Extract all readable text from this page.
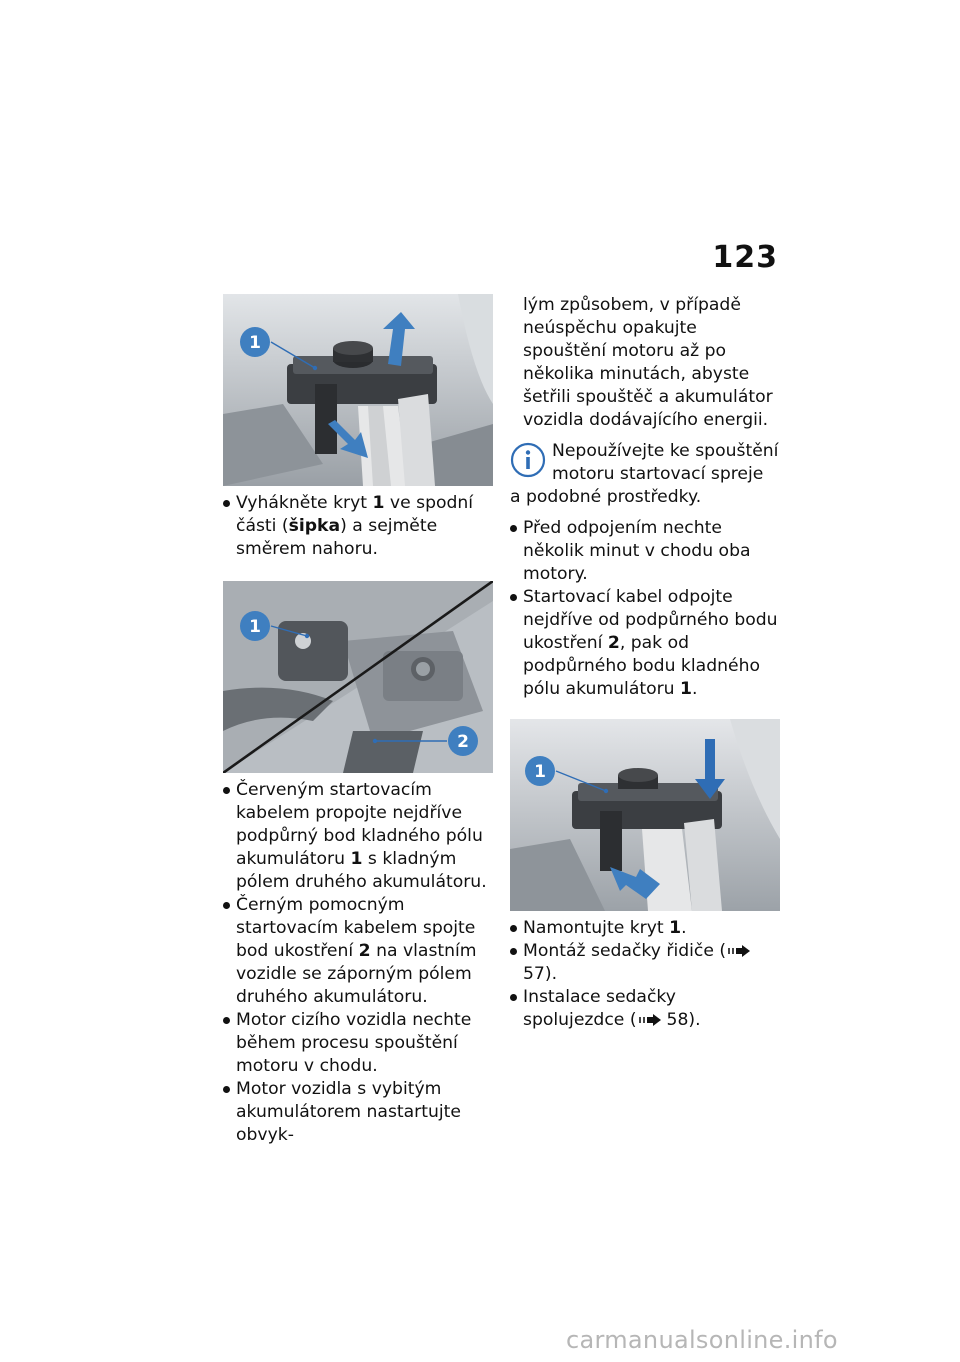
123
1
Vyhákněte kryt 1 ve spodní části (šipka) a sejměte směrem nahoru.
1
2
Červeným startovacím kabelem propojte nejdříve podpůrný bod kladného pólu akumulátoru 1 s kladným pólem druhého akumulátoru.
Černým pomocným startovacím kabelem spojte bod ukostření 2 na vlastním vozidle se záporným pólem druhého akumulátoru.
Motor cizího vozidla nechte během procesu spouštění motoru v chodu.
Motor vozidla s vybitým akumulátorem nastartujte obvyk-
lým způsobem, v případě neúspěchu opakujte spouštění motoru až po několika minutách, abyste šetřili spouštěč a akumulátor vozidla dodávajícího energii.
Nepoužívejte ke spouštění motoru startovací spreje
a podobné prostředky.
Před odpojením nechte několik minut v chodu oba motory.
Startovací kabel odpojte nejdříve od podpůrného bodu ukostření 2, pak od podpůrného bodu kladného pólu akumulátoru 1.
1
Namontujte kryt 1.
Montáž sedačky řidiče (57).
Instalace sedačky spolujezdce ( 58).
carmanualsonline.info
